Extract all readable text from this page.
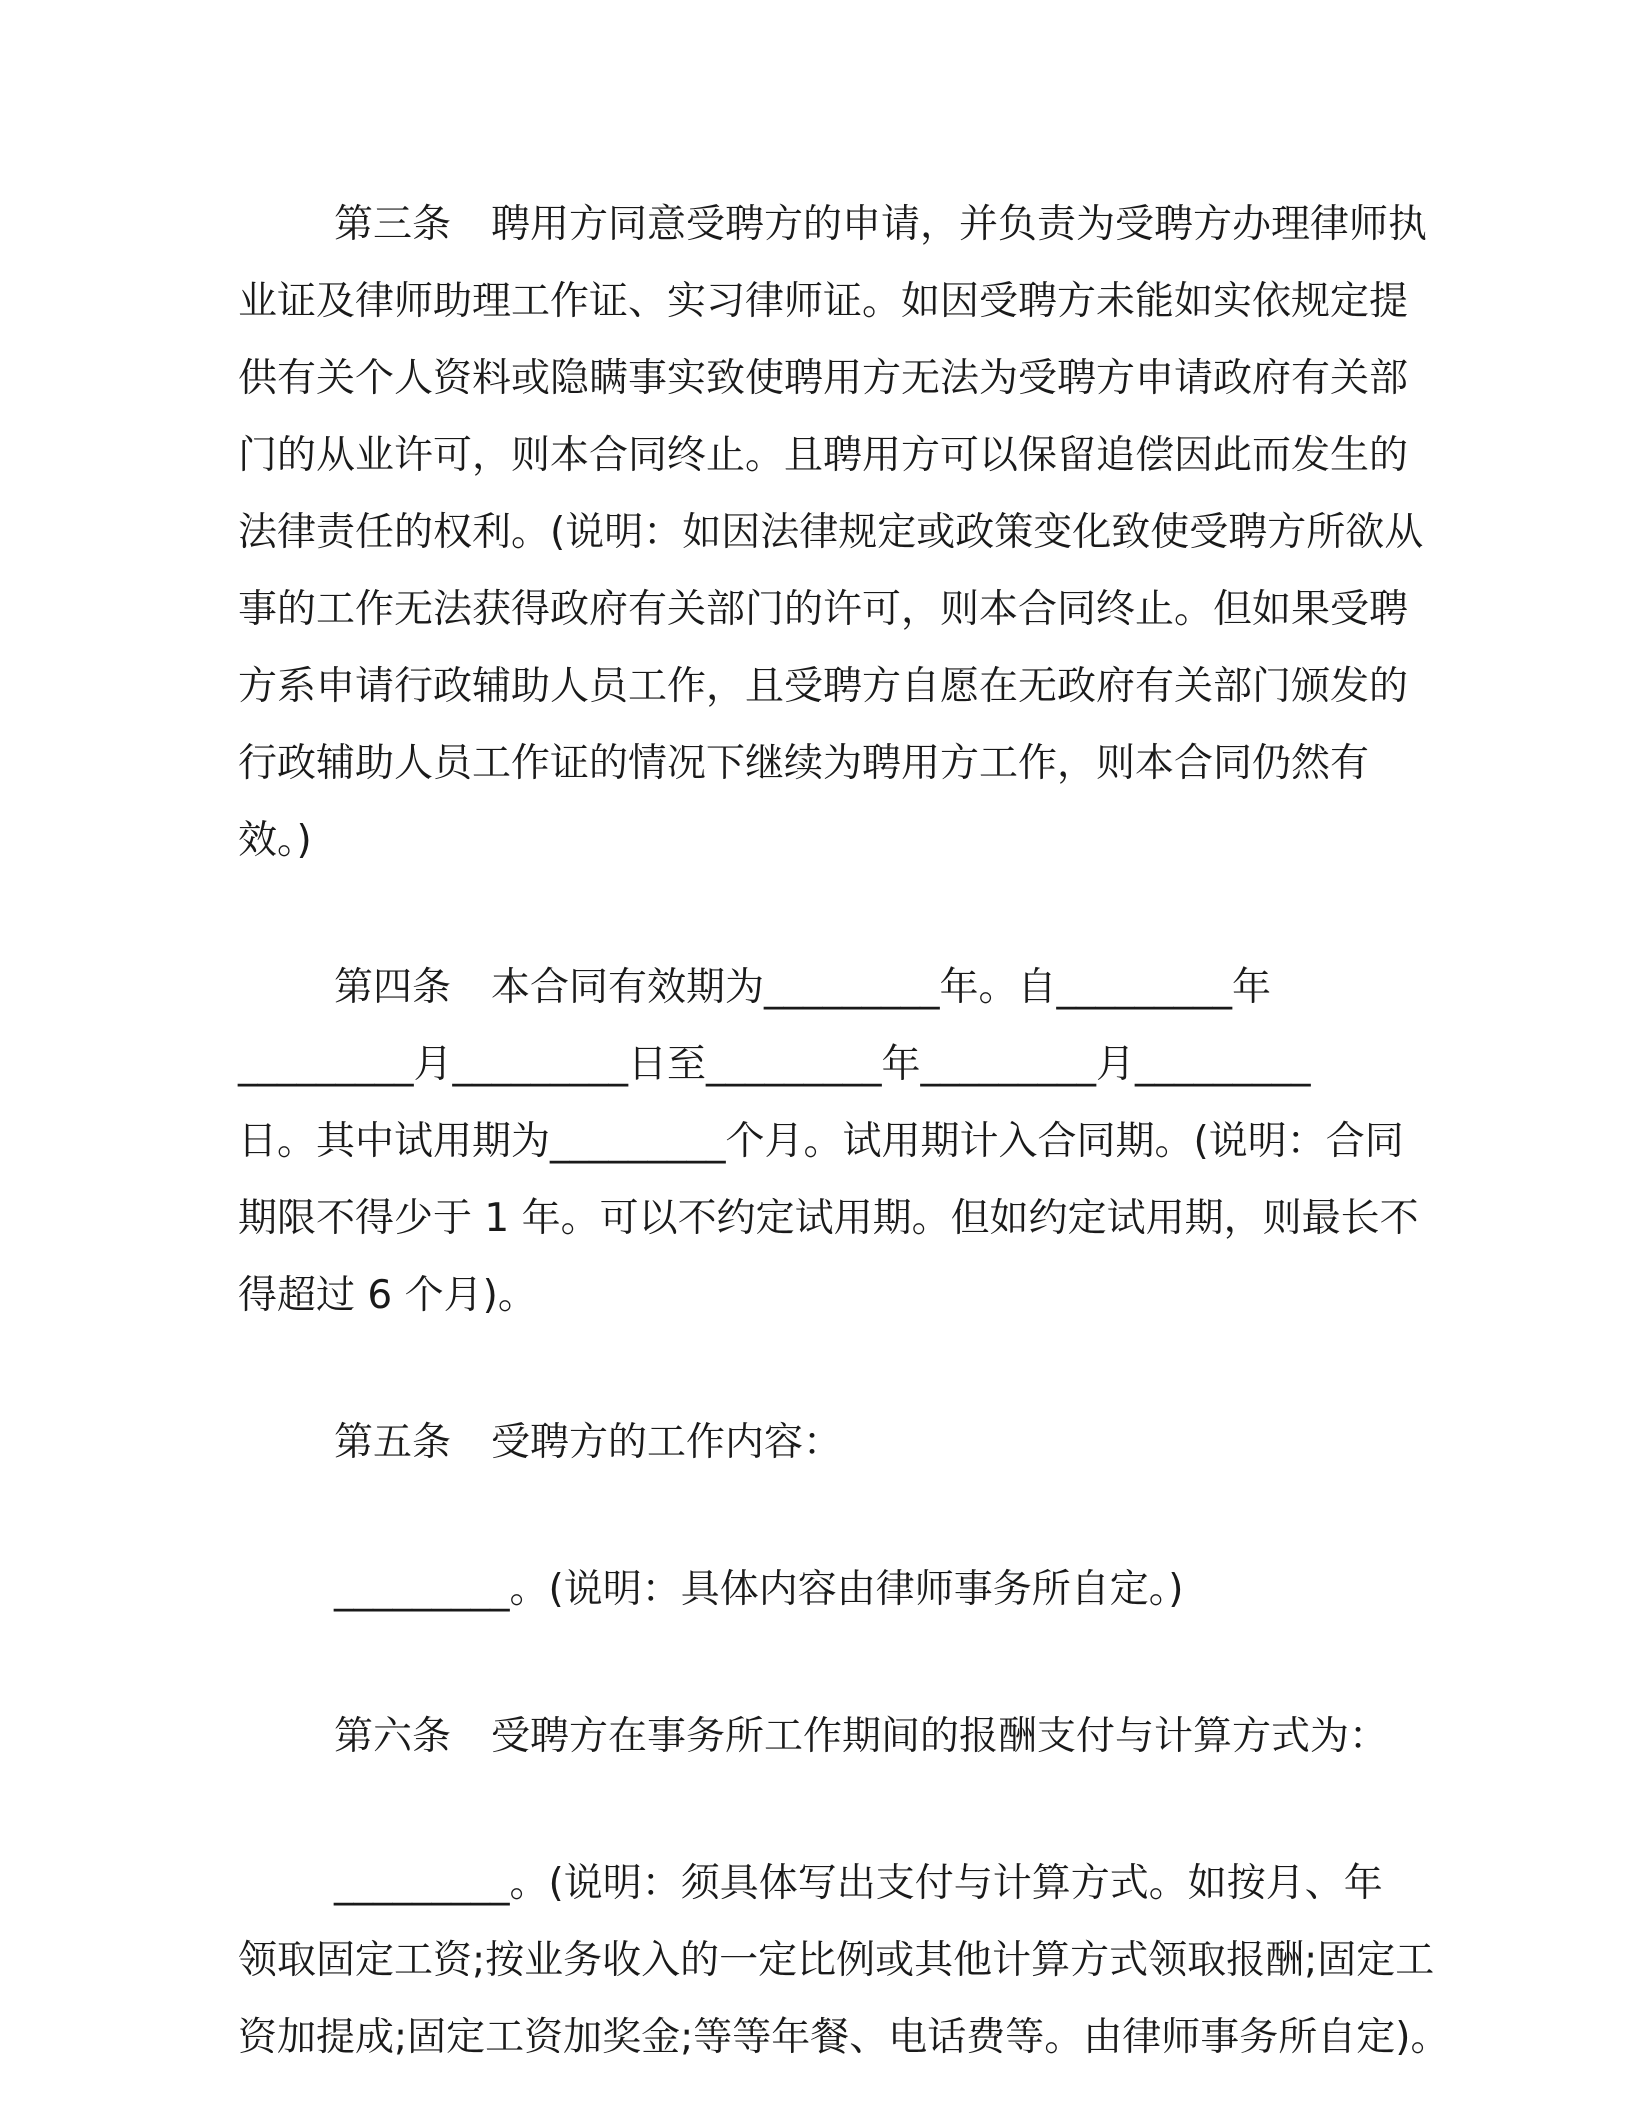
第三条 聘用方同意受聘方的申请，并负责为受聘方办理律师执
业证及律师助理工作证、实习律师证。如因受聘方未能如实依规定提
供有关个人资料或隐瞒事实致使聘用方无法为受聘方申请政府有关部
门的从业许可，则本合同终止。且聘用方可以保留追偿因此而发生的
法律责任的权利。(说明：如因法律规定或政策变化致使受聘方所欲从
事的工作无法获得政府有关部门的许可，则本合同终止。但如果受聘
方系申请行政辅助人员工作，且受聘方自愿在无政府有关部门颁发的
行政辅助人员工作证的情况下继续为聘用方工作，则本合同仍然有
效。)
第四条 本合同有效期为_________年。自_________年
_________月_________日至_________年_________月_________
日。其中试用期为_________个月。试用期计入合同期。(说明：合同
期限不得少于 1 年。可以不约定试用期。但如约定试用期，则最长不
得超过 6 个月)。
第五条 受聘方的工作内容：
_________。(说明：具体内容由律师事务所自定。)
第六条 受聘方在事务所工作期间的报酬支付与计算方式为：
_________。(说明：须具体写出支付与计算方式。如按月、年
领取固定工资;按业务收入的一定比例或其他计算方式领取报酬;固定工
资加提成;固定工资加奖金;等等年餐、电话费等。由律师事务所自定)。
